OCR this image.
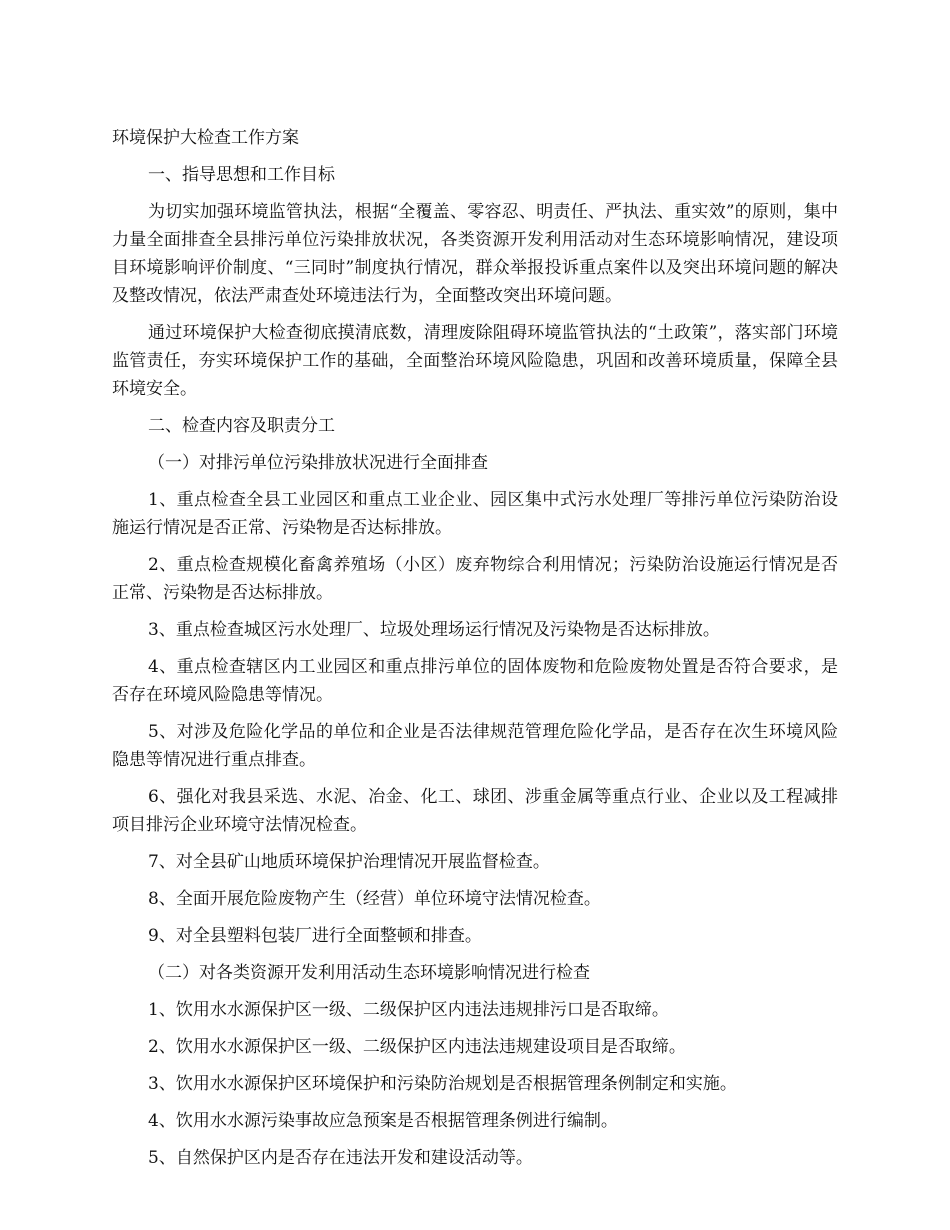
环境保护大检查工作方案

一、指导思想和工作目标

为切实加强环境监管执法，根据“全覆盖、零容忍、明责任、严执法、重实效”的原则，集中力量全面排查全县排污单位污染排放状况，各类资源开发利用活动对生态环境影响情况，建设项目环境影响评价制度、“三同时”制度执行情况，群众举报投诉重点案件以及突出环境问题的解决及整改情况，依法严肃查处环境违法行为，全面整改突出环境问题。

通过环境保护大检查彻底摸清底数，清理废除阻碍环境监管执法的“土政策”，落实部门环境监管责任，夯实环境保护工作的基础，全面整治环境风险隐患，巩固和改善环境质量，保障全县环境安全。

二、检查内容及职责分工

（一）对排污单位污染排放状况进行全面排查

1、重点检查全县工业园区和重点工业企业、园区集中式污水处理厂等排污单位污染防治设施运行情况是否正常、污染物是否达标排放。

2、重点检查规模化畜禽养殖场（小区）废弃物综合利用情况；污染防治设施运行情况是否正常、污染物是否达标排放。

3、重点检查城区污水处理厂、垃圾处理场运行情况及污染物是否达标排放。

4、重点检查辖区内工业园区和重点排污单位的固体废物和危险废物处置是否符合要求，是否存在环境风险隐患等情况。

5、对涉及危险化学品的单位和企业是否法律规范管理危险化学品，是否存在次生环境风险隐患等情况进行重点排查。

6、强化对我县采选、水泥、冶金、化工、球团、涉重金属等重点行业、企业以及工程减排项目排污企业环境守法情况检查。

7、对全县矿山地质环境保护治理情况开展监督检查。

8、全面开展危险废物产生（经营）单位环境守法情况检查。

9、对全县塑料包装厂进行全面整顿和排查。

（二）对各类资源开发利用活动生态环境影响情况进行检查

1、饮用水水源保护区一级、二级保护区内违法违规排污口是否取缔。

2、饮用水水源保护区一级、二级保护区内违法违规建设项目是否取缔。

3、饮用水水源保护区环境保护和污染防治规划是否根据管理条例制定和实施。

4、饮用水水源污染事故应急预案是否根据管理条例进行编制。

5、自然保护区内是否存在违法开发和建设活动等。
